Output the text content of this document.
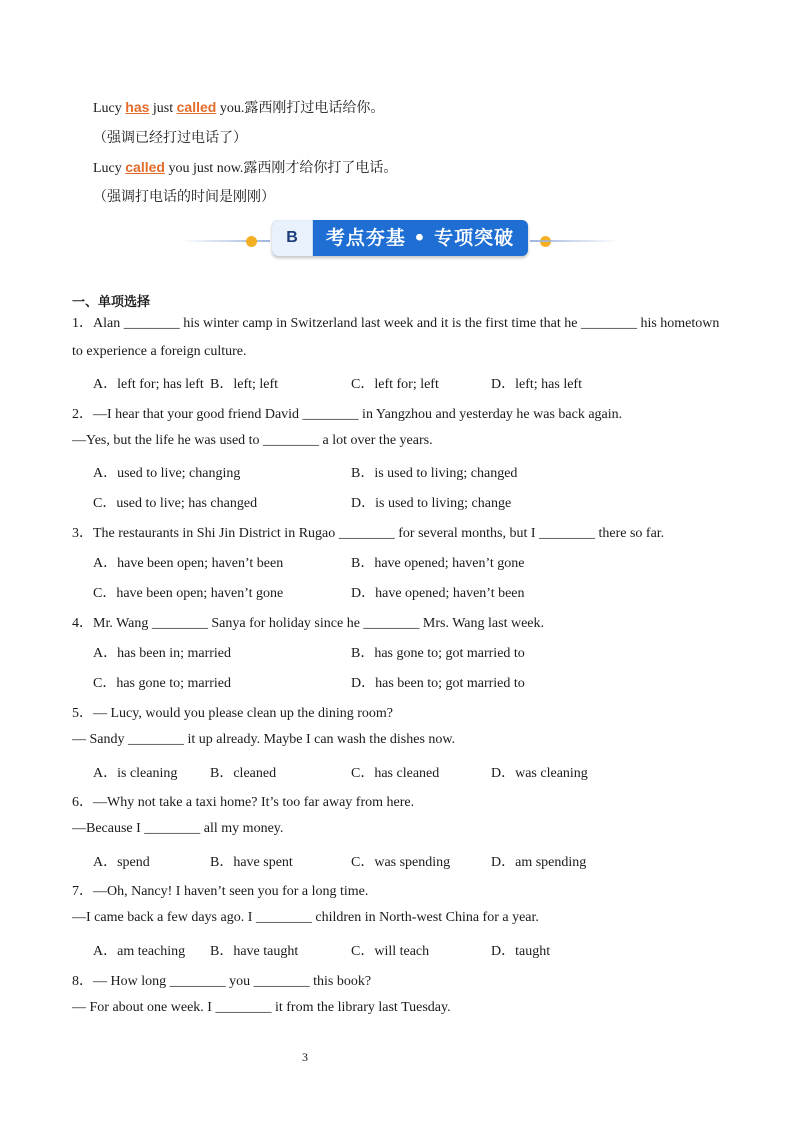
Lucy has just called you.露西刚打过电话给你。
（强调已经打过电话了）
Lucy called you just now.露西刚才给你打了电话。
（强调打电话的时间是刚刚）
B	考点夯基 • 专项突破
一、单项选择
1．Alan ________ his winter camp in Switzerland last week and it is the first time that he ________ his hometown
to experience a foreign culture.
A．left for; has left B．left; left	C．left for; left	D．left; has left
2．—I hear that your good friend David ________ in Yangzhou and yesterday he was back again.
—Yes, but the life he was used to ________ a lot over the years.
A．used to live; changing	B．is used to living; changed
C．used to live; has changed	D．is used to living; change
3．The restaurants in Shi Jin District in Rugao ________ for several months, but I ________ there so far.
A．have been open; haven’t been	B．have opened; haven’t gone
C．have been open; haven’t gone	D．have opened; haven’t been
4．Mr. Wang ________ Sanya for holiday since he ________ Mrs. Wang last week.
A．has been in; married	B．has gone to; got married to
C．has gone to; married	D．has been to; got married to
5．— Lucy, would you please clean up the dining room?
— Sandy ________ it up already. Maybe I can wash the dishes now.
A．is cleaning B．cleaned	C．has cleaned	D．was cleaning
6．—Why not take a taxi home? It’s too far away from here.
—Because I ________ all my money.
A．spend	B．have spent	C．was spending	D．am spending
7．—Oh, Nancy! I haven’t seen you for a long time.
—I came back a few days ago. I ________ children in North-west China for a year.
A．am teaching B．have taught	C．will teach	D．taught
8．— How long ________ you ________ this book?
— For about one week. I ________ it from the library last Tuesday.
3
